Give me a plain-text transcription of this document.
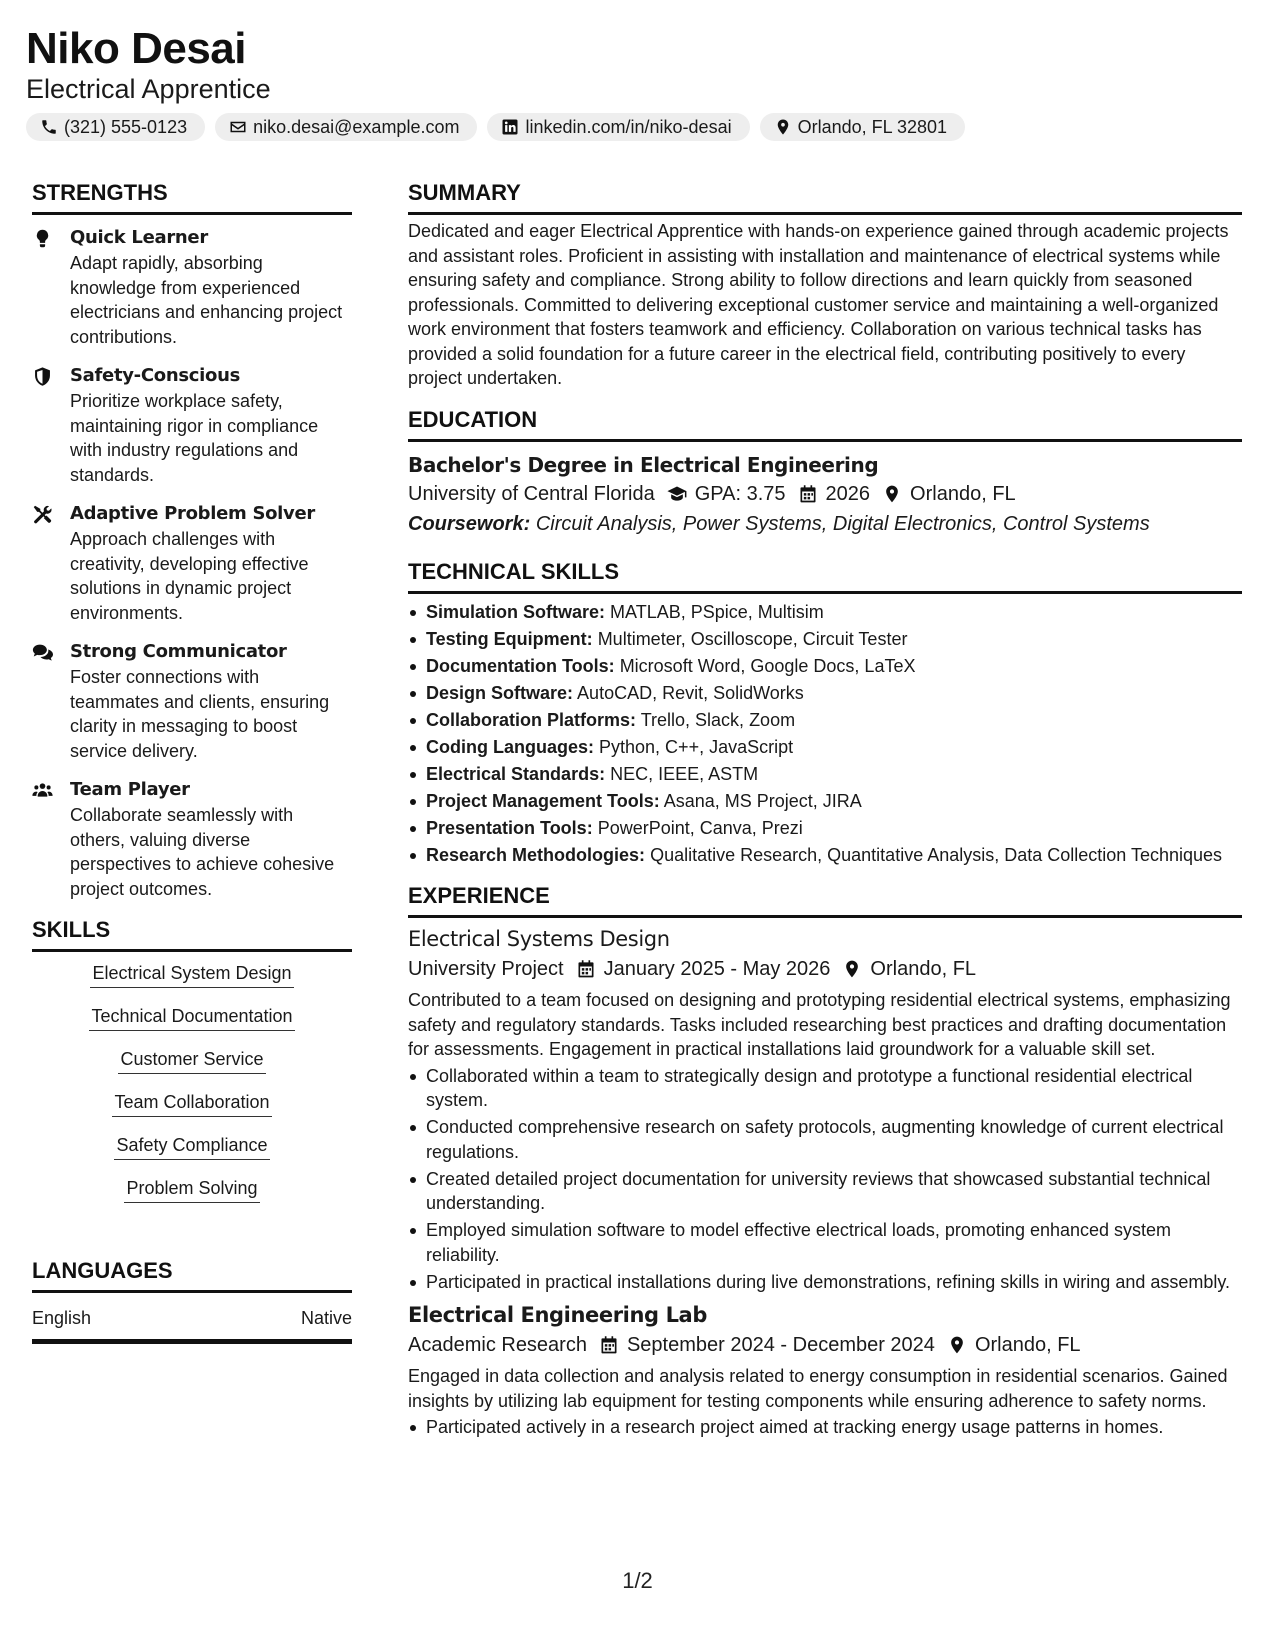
Niko Desai
Electrical Apprentice
(321) 555-0123	niko.desai@example.com	linkedin.com/in/niko-desai	Orlando, FL 32801
STRENGTHS
Quick Learner
Adapt rapidly, absorbing knowledge from experienced electricians and enhancing project contributions.
Safety-Conscious
Prioritize workplace safety, maintaining rigor in compliance with industry regulations and standards.
Adaptive Problem Solver
Approach challenges with creativity, developing effective solutions in dynamic project environments.
Strong Communicator
Foster connections with teammates and clients, ensuring clarity in messaging to boost service delivery.
Team Player
Collaborate seamlessly with others, valuing diverse perspectives to achieve cohesive project outcomes.
SKILLS
Electrical System Design
Technical Documentation
Customer Service
Team Collaboration
Safety Compliance
Problem Solving
LANGUAGES
English	Native
SUMMARY
Dedicated and eager Electrical Apprentice with hands-on experience gained through academic projects and assistant roles. Proficient in assisting with installation and maintenance of electrical systems while ensuring safety and compliance. Strong ability to follow directions and learn quickly from seasoned professionals. Committed to delivering exceptional customer service and maintaining a well-organized work environment that fosters teamwork and efficiency. Collaboration on various technical tasks has provided a solid foundation for a future career in the electrical field, contributing positively to every project undertaken.
EDUCATION
Bachelor's Degree in Electrical Engineering
University of Central Florida GPA: 3.75 2026 Orlando, FL
Coursework: Circuit Analysis, Power Systems, Digital Electronics, Control Systems
TECHNICAL SKILLS
Simulation Software: MATLAB, PSpice, Multisim
Testing Equipment: Multimeter, Oscilloscope, Circuit Tester
Documentation Tools: Microsoft Word, Google Docs, LaTeX
Design Software: AutoCAD, Revit, SolidWorks
Collaboration Platforms: Trello, Slack, Zoom
Coding Languages: Python, C++, JavaScript
Electrical Standards: NEC, IEEE, ASTM
Project Management Tools: Asana, MS Project, JIRA
Presentation Tools: PowerPoint, Canva, Prezi
Research Methodologies: Qualitative Research, Quantitative Analysis, Data Collection Techniques
EXPERIENCE
Electrical Systems Design
University Project January 2025 - May 2026 Orlando, FL
Contributed to a team focused on designing and prototyping residential electrical systems, emphasizing safety and regulatory standards. Tasks included researching best practices and drafting documentation for assessments. Engagement in practical installations laid groundwork for a valuable skill set.
Collaborated within a team to strategically design and prototype a functional residential electrical system.
Conducted comprehensive research on safety protocols, augmenting knowledge of current electrical regulations.
Created detailed project documentation for university reviews that showcased substantial technical understanding.
Employed simulation software to model effective electrical loads, promoting enhanced system reliability.
Participated in practical installations during live demonstrations, refining skills in wiring and assembly.
Electrical Engineering Lab
Academic Research September 2024 - December 2024 Orlando, FL
Engaged in data collection and analysis related to energy consumption in residential scenarios. Gained insights by utilizing lab equipment for testing components while ensuring adherence to safety norms.
Participated actively in a research project aimed at tracking energy usage patterns in homes.
1/2
